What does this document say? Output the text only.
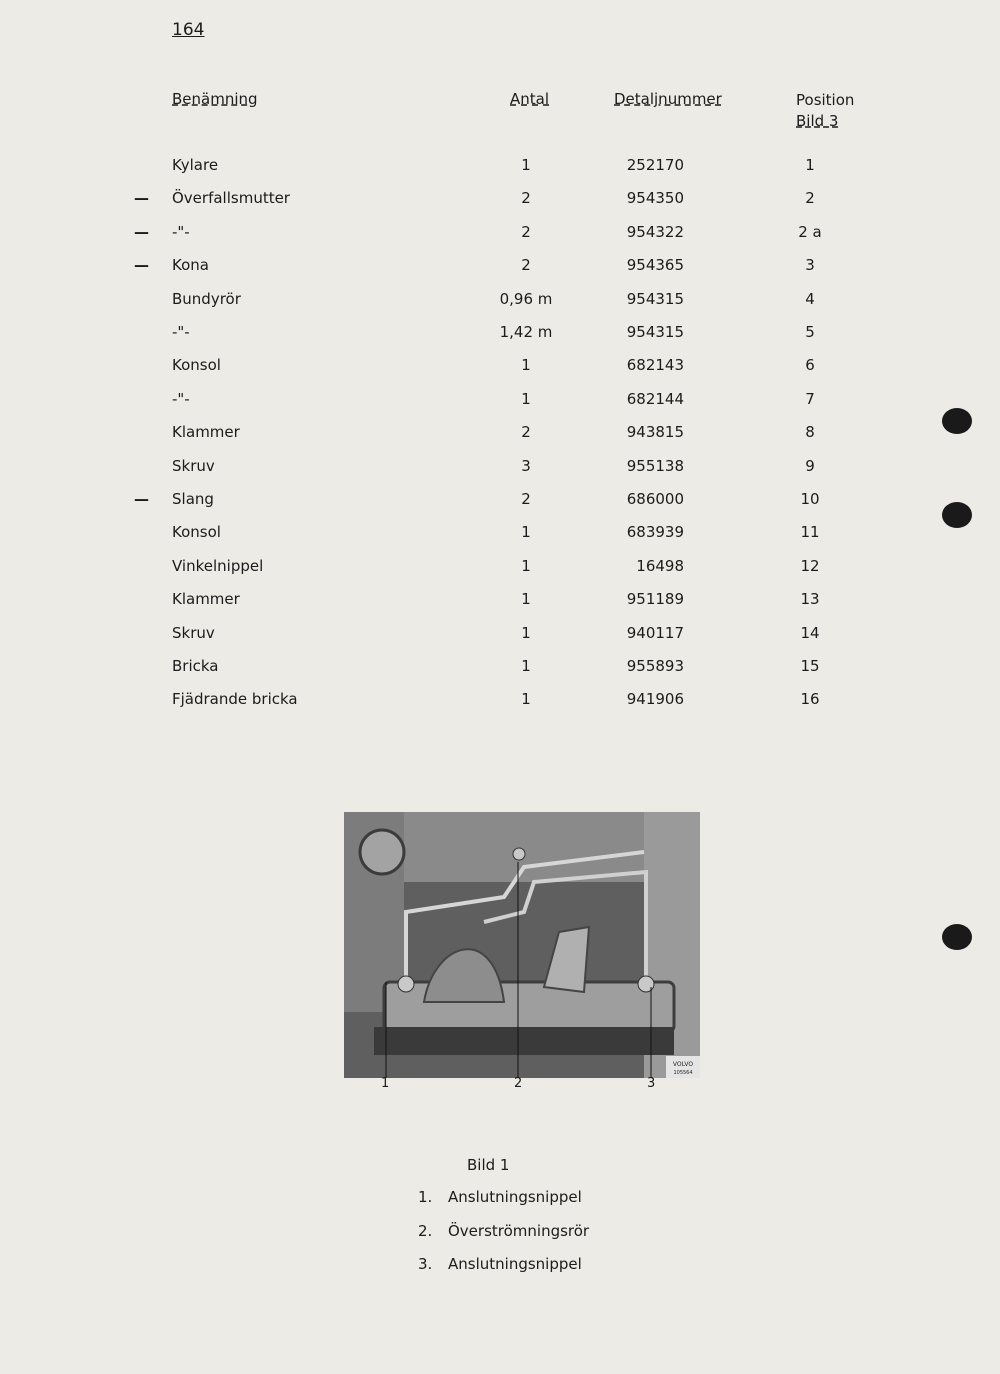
164
Benämning	Antal	Detaljnummer	Position
Bild 3
Kylare	1	252170	1
— Överfallsmutter	2	954350	2
— -"-	2	954322	2 a
— Kona	2	954365	3
Bundyrör	0,96 m	954315	4
-"-	1,42 m	954315	5
Konsol	1	682143	6
-"-	1	682144	7
Klammer	2	943815	8
Skruv	3	955138	9
— Slang	2	686000	10
Konsol	1	683939	11
Vinkelnippel	1	16498	12
Klammer	1	951189	13
Skruv	1	940117	14
Bricka	1	955893	15
Fjädrande bricka	1	941906	16
VOLVO
105564
1	2	3
Bild 1
1. Anslutningsnippel
2. Överströmningsrör
3. Anslutningsnippel
